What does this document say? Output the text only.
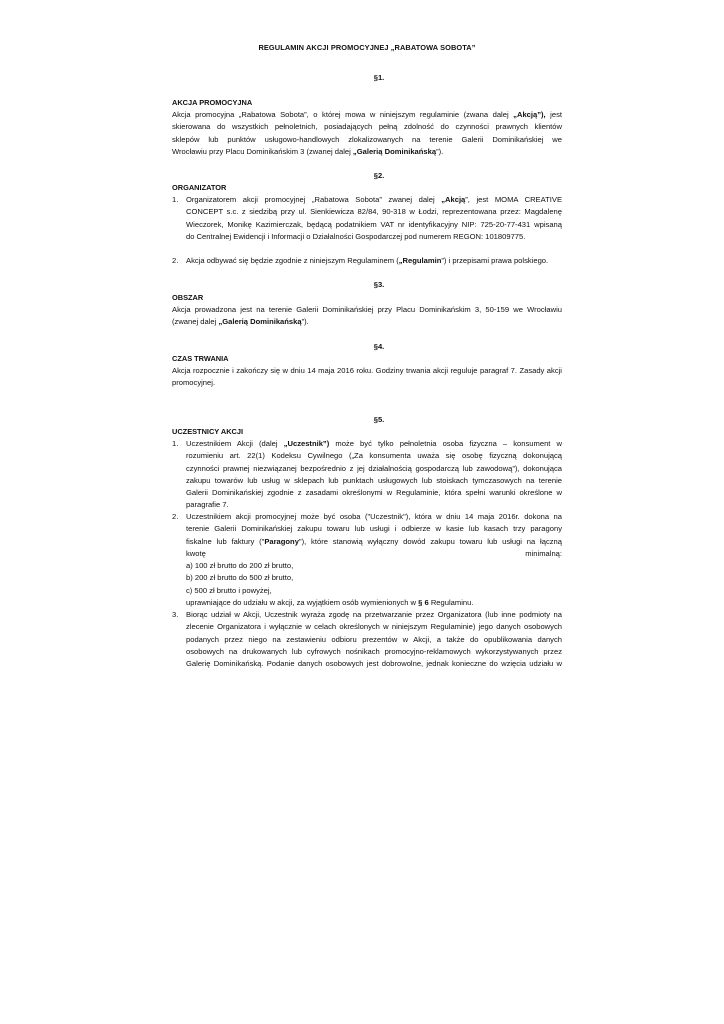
REGULAMIN AKCJI PROMOCYJNEJ „RABATOWA SOBOTA”
§1.
AKCJA PROMOCYJNA

Akcja promocyjna „Rabatowa Sobota”, o której mowa w niniejszym regulaminie (zwana dalej „Akcją”), jest

skierowana do wszystkich pełnoletnich, posiadających pełną zdolność do czynności prawnych klientów

sklepów lub punktów usługowo-handlowych zlokalizowanych na terenie Galerii Dominikańskiej we

Wrocławiu przy Placu Dominikańskim 3 (zwanej dalej „Galerią Dominikańską”).

§2.
ORGANIZATOR
1. Organizatorem akcji promocyjnej „Rabatowa Sobota” zwanej dalej „Akcją”, jest MOMA CREATIVE

CONCEPT s.c. z siedzibą przy ul. Sienkiewicza 82/84, 90-318 w Łodzi, reprezentowana przez: Magdalenę

Wieczorek, Monikę Kazimierczak, będącą podatnikiem VAT nr identyfikacyjny NIP: 725-20-77-431 wpisaną

do Centralnej Ewidencji i Informacji o Działalności Gospodarczej pod numerem REGON: 101809775.

2. Akcja odbywać się będzie zgodnie z niniejszym Regulaminem („Regulamin”) i przepisami prawa polskiego.

§3.
OBSZAR

Akcja prowadzona jest na terenie Galerii Dominikańskiej przy Placu Dominikańskim 3, 50-159 we Wrocławiu

(zwanej dalej „Galerią Dominikańską”).

§4.
CZAS TRWANIA

Akcja rozpocznie i zakończy się w dniu 14 maja 2016 roku. Godziny trwania akcji reguluje paragraf 7. Zasady akcji

promocyjnej.

§5.
UCZESTNICY AKCJI
1. Uczestnikiem Akcji (dalej „Uczestnik”) może być tylko pełnoletnia osoba fizyczna – konsument w

rozumieniu art. 22(1) Kodeksu Cywilnego („Za konsumenta uważa się osobę fizyczną dokonującą

czynności prawnej niezwiązanej bezpośrednio z jej działalnością gospodarczą lub zawodową”), dokonująca

zakupu towarów lub usług w sklepach lub punktach usługowych lub stoiskach tymczasowych na terenie

Galerii Dominikańskiej zgodnie z zasadami określonymi w Regulaminie, która spełni warunki określone w

paragrafie 7.

2. Uczestnikiem akcji promocyjnej może być osoba ("Uczestnik"), która w dniu 14 maja 2016r. dokona na

terenie Galerii Dominikańskiej zakupu towaru lub usługi i odbierze w kasie lub kasach trzy paragony

fiskalne lub faktury ("Paragony"), które stanowią wyłączny dowód zakupu towaru lub usługi na łączną

kwotę	minimalną:

a) 100 zł brutto do 200 zł brutto,

b) 200 zł brutto do 500 zł brutto,

c) 500 zł brutto i powyżej,

uprawniające do udziału w akcji, za wyjątkiem osób wymienionych w § 6 Regulaminu.

3. Biorąc udział w Akcji, Uczestnik wyraża zgodę na przetwarzanie przez Organizatora (lub inne podmioty na

zlecenie Organizatora i wyłącznie w celach określonych w niniejszym Regulaminie) jego danych osobowych

podanych przez niego na zestawieniu odbioru prezentów w Akcji, a także do opublikowania danych

osobowych na drukowanych lub cyfrowych nośnikach promocyjno-reklamowych wykorzystywanych przez

Galerię Dominikańską. Podanie danych osobowych jest dobrowolne, jednak konieczne do wzięcia udziału w
